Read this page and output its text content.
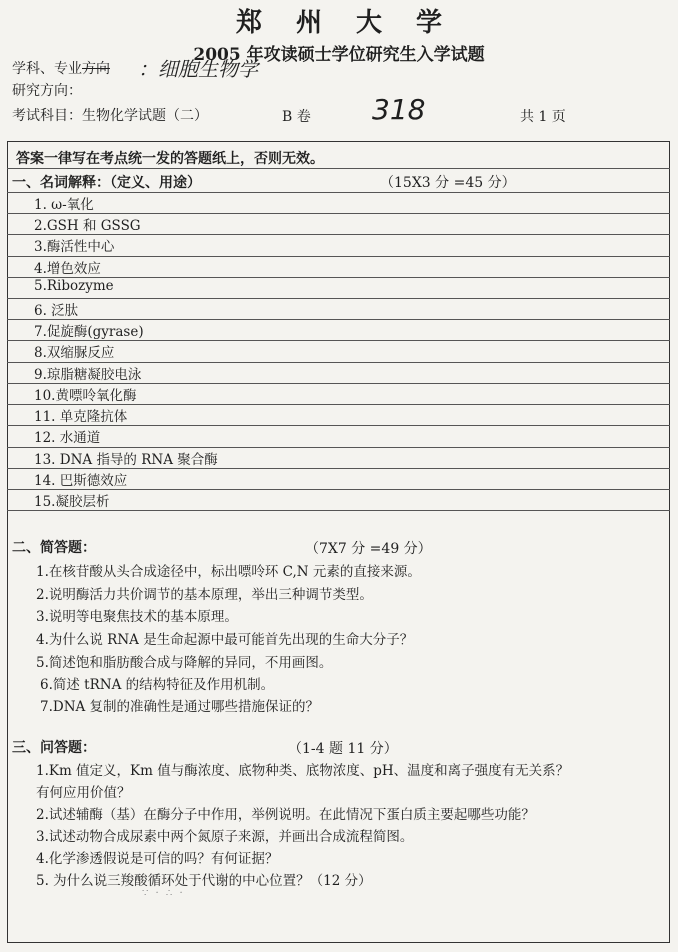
郑州大学
2005 年攻读硕士学位研究生入学试题
学科、专业方向 ：细胞生物学
研究方向：
考试科目：生物化学试题（二）	B 卷 318	共 1 页
答案一律写在考点统一发的答题纸上，否则无效。
一、名词解释：（定义、用途）	（15X3 分 =45 分）
1. ω-氧化
2.GSH 和 GSSG
3.酶活性中心
4.增色效应
5.Ribozyme
6. 泛肽
7.促旋酶(gyrase)
8.双缩脲反应
9.琼脂糖凝胶电泳
10.黄嘌呤氧化酶
11. 单克隆抗体
12. 水通道
13. DNA 指导的 RNA 聚合酶
14. 巴斯德效应
15.凝胶层析
二、简答题：	（7X7 分 =49 分）
1.在核苷酸从头合成途径中，标出嘌呤环 C,N 元素的直接来源。
2.说明酶活力共价调节的基本原理，举出三种调节类型。
3.说明等电聚焦技术的基本原理。
4.为什么说 RNA 是生命起源中最可能首先出现的生命大分子？
5.简述饱和脂肪酸合成与降解的异同，不用画图。
6.简述 tRNA 的结构特征及作用机制。
7.DNA 复制的准确性是通过哪些措施保证的？
三、问答题：	（1-4 题 11 分）
1.Km 值定义，Km 值与酶浓度、底物种类、底物浓度、pH、温度和离子强度有无关系？
有何应用价值？
2.试述辅酶（基）在酶分子中作用，举例说明。在此情况下蛋白质主要起哪些功能？
3.试述动物合成尿素中两个氮原子来源，并画出合成流程简图。
4.化学渗透假说是可信的吗？有何证据？
5. 为什么说三羧酸循环处于代谢的中心位置？（12 分）
∵ · ∴ ·
